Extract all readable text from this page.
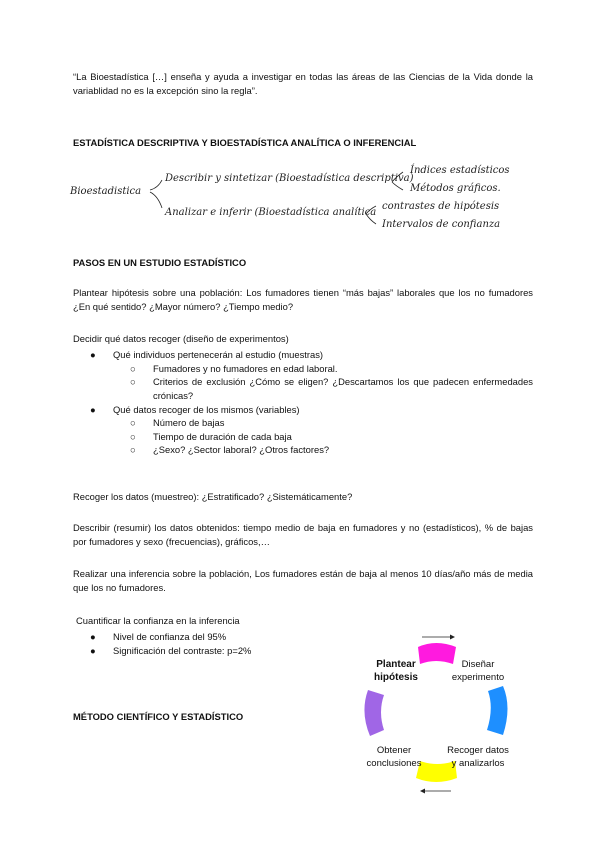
“La Bioestadística […] enseña y ayuda a investigar en todas las áreas de las Ciencias de la Vida donde la variablidad no es la excepción sino la regla”.
ESTADÍSTICA DESCRIPTIVA Y BIOESTADÍSTICA ANALÍTICA O INFERENCIAL
Bioestadistica
Describir y sintetizar (Bioestadística descriptiva)
Índices estadísticos
Métodos gráficos.
Analizar e inferir (Bioestadística analítica
contrastes de hipótesis
Intervalos de confianza
PASOS EN UN ESTUDIO ESTADÍSTICO
Plantear hipótesis sobre una población: Los fumadores tienen “más bajas” laborales que los no fumadores ¿En qué sentido? ¿Mayor número? ¿Tiempo medio?
Decidir qué datos recoger (diseño de experimentos)
● Qué individuos pertenecerán al estudio (muestras)
○ Fumadores y no fumadores en edad laboral.
○ Criterios de exclusión ¿Cómo se eligen? ¿Descartamos los que padecen enfermedades crónicas?
● Qué datos recoger de los mismos (variables)
○ Número de bajas
○ Tiempo de duración de cada baja
○ ¿Sexo? ¿Sector laboral? ¿Otros factores?
Recoger los datos (muestreo): ¿Estratificado? ¿Sistemáticamente?
Describir (resumir) los datos obtenidos: tiempo medio de baja en fumadores y no (estadísticos), % de bajas por fumadores y sexo (frecuencias), gráficos,…
Realizar una inferencia sobre la población, Los fumadores están de baja al menos 10 días/año más de media que los no fumadores.
Cuantificar la confianza en la inferencia
● Nivel de confianza del 95%
● Significación del contraste: p=2%
MÉTODO CIENTÍFICO Y ESTADÍSTICO
Plantear
hipótesis
Diseñar
experimento
Recoger datos
y analizarlos
Obtener
conclusiones
